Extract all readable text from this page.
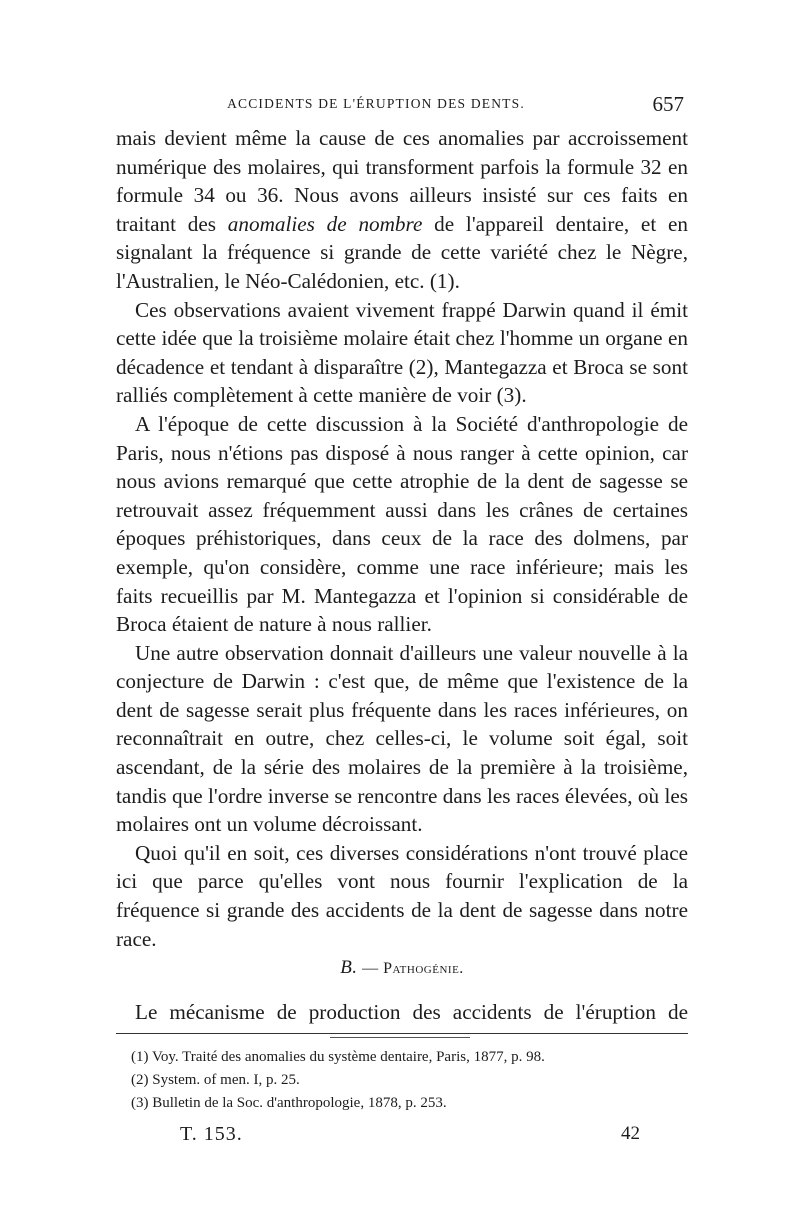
ACCIDENTS DE L'ÉRUPTION DES DENTS.	657

mais devient même la cause de ces anomalies par accroissement numérique des molaires, qui transforment parfois la formule 32 en formule 34 ou 36. Nous avons ailleurs insisté sur ces faits en traitant des anomalies de nombre de l'appareil dentaire, et en signalant la fréquence si grande de cette variété chez le Nègre, l'Australien, le Néo-Calédonien, etc. (1).

Ces observations avaient vivement frappé Darwin quand il émit cette idée que la troisième molaire était chez l'homme un organe en décadence et tendant à disparaître (2), Mantegazza et Broca se sont ralliés complètement à cette manière de voir (3).

A l'époque de cette discussion à la Société d'anthropologie de Paris, nous n'étions pas disposé à nous ranger à cette opinion, car nous avions remarqué que cette atrophie de la dent de sagesse se retrouvait assez fréquemment aussi dans les crânes de certaines époques préhistoriques, dans ceux de la race des dolmens, par exemple, qu'on considère, comme une race inférieure; mais les faits recueillis par M. Mantegazza et l'opinion si considérable de Broca étaient de nature à nous rallier.

Une autre observation donnait d'ailleurs une valeur nouvelle à la conjecture de Darwin : c'est que, de même que l'existence de la dent de sagesse serait plus fréquente dans les races inférieures, on reconnaîtrait en outre, chez celles-ci, le volume soit égal, soit ascendant, de la série des molaires de la première à la troisième, tandis que l'ordre inverse se rencontre dans les races élevées, où les molaires ont un volume décroissant.

Quoi qu'il en soit, ces diverses considérations n'ont trouvé place ici que parce qu'elles vont nous fournir l'explication de la fréquence si grande des accidents de la dent de sagesse dans notre race.

B. — Pathogénie.
Le mécanisme de production des accidents de l'éruption de
(1) Voy. Traité des anomalies du système dentaire, Paris, 1877, p. 98.
(2) System. of men. I, p. 25.
(3) Bulletin de la Soc. d'anthropologie, 1878, p. 253.
T. 153.	42
